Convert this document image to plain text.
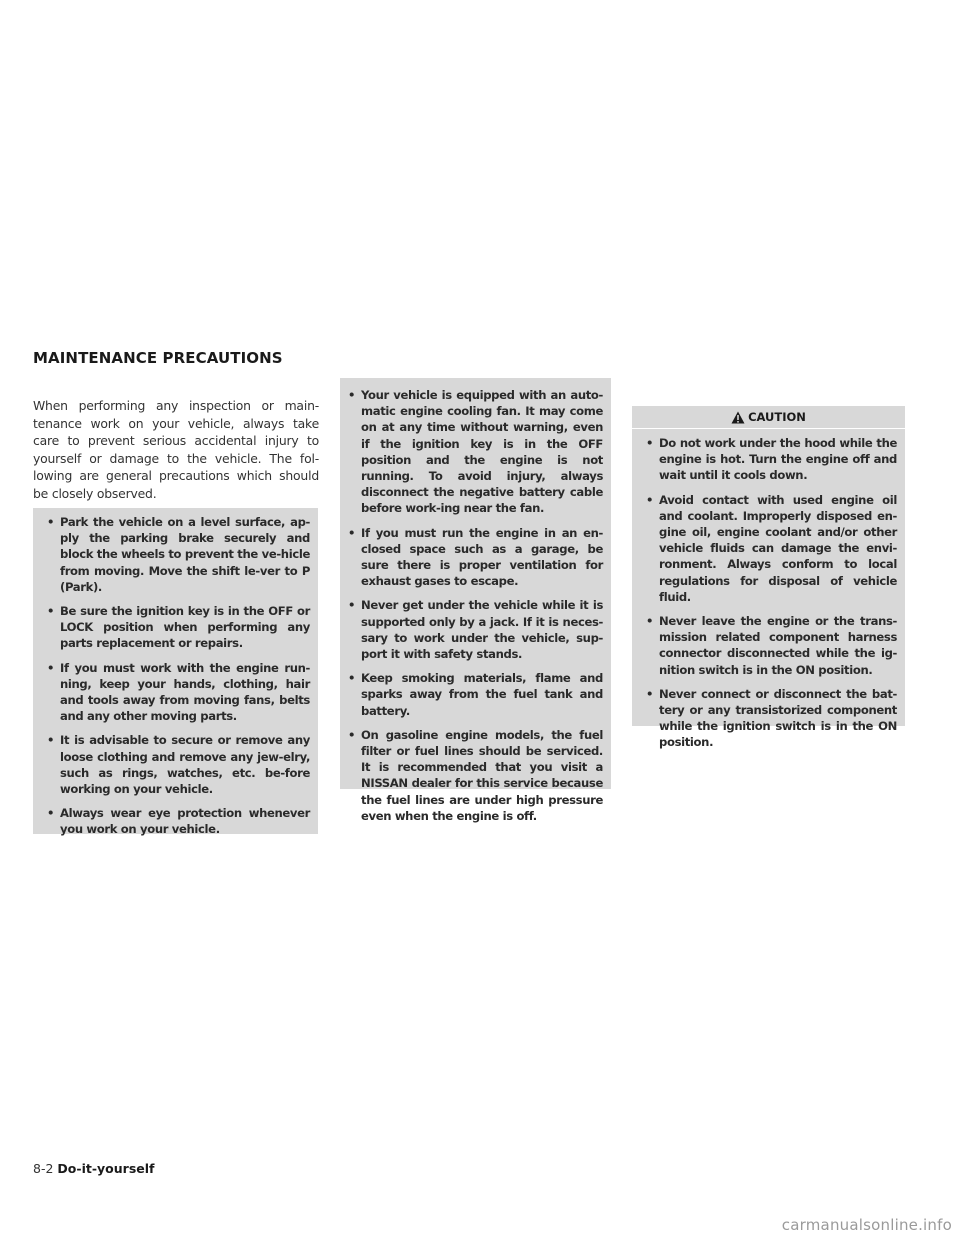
MAINTENANCE PRECAUTIONS
When performing any inspection or main-tenance work on your vehicle, always take care to prevent serious accidental injury to yourself or damage to the vehicle. The fol-lowing are general precautions which should be closely observed.
• Park the vehicle on a level surface, ap-ply the parking brake securely and block the wheels to prevent the ve-hicle from moving. Move the shift le-ver to P (Park).
• Be sure the ignition key is in the OFF or LOCK position when performing any parts replacement or repairs.
• If you must work with the engine run-ning, keep your hands, clothing, hair and tools away from moving fans, belts and any other moving parts.
• It is advisable to secure or remove any loose clothing and remove any jew-elry, such as rings, watches, etc. be-fore working on your vehicle.
• Always wear eye protection whenever you work on your vehicle.
• Your vehicle is equipped with an auto-matic engine cooling fan. It may come on at any time without warning, even if the ignition key is in the OFF position and the engine is not running. To avoid injury, always disconnect the negative battery cable before work-ing near the fan.
• If you must run the engine in an en-closed space such as a garage, be sure there is proper ventilation for exhaust gases to escape.
• Never get under the vehicle while it is supported only by a jack. If it is neces-sary to work under the vehicle, sup-port it with safety stands.
• Keep smoking materials, flame and sparks away from the fuel tank and battery.
• On gasoline engine models, the fuel filter or fuel lines should be serviced. It is recommended that you visit a NISSAN dealer for this service because the fuel lines are under high pressure even when the engine is off.
CAUTION
• Do not work under the hood while the engine is hot. Turn the engine off and wait until it cools down.
• Avoid contact with used engine oil and coolant. Improperly disposed en-gine oil, engine coolant and/or other vehicle fluids can damage the envi-ronment. Always conform to local regulations for disposal of vehicle fluid.
• Never leave the engine or the trans-mission related component harness connector disconnected while the ig-nition switch is in the ON position.
• Never connect or disconnect the bat-tery or any transistorized component while the ignition switch is in the ON position.
8-2 Do-it-yourself
carmanualsonline.info
